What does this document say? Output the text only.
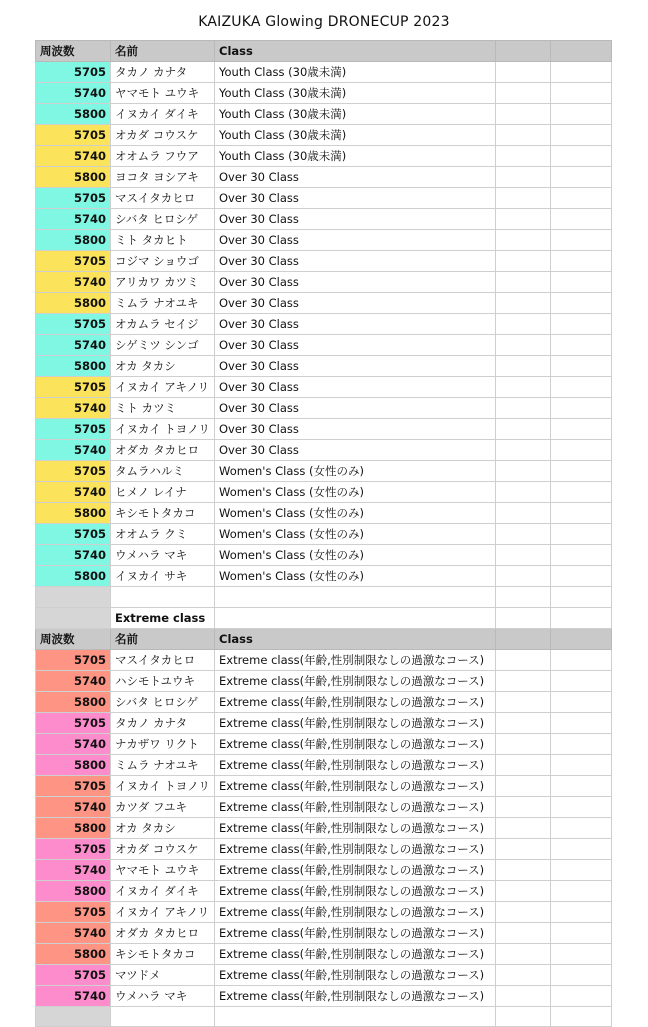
KAIZUKA Glowing DRONECUP 2023
周波数	名前	Class		
5705	タカノ カナタ	Youth Class (30歳未満)		
5740	ヤマモト ユウキ	Youth Class (30歳未満)		
5800	イヌカイ ダイキ	Youth Class (30歳未満)		
5705	オカダ コウスケ	Youth Class (30歳未満)		
5740	オオムラ フウア	Youth Class (30歳未満)		
5800	ヨコタ ヨシアキ	Over 30 Class		
5705	マスイタカヒロ	Over 30 Class		
5740	シバタ ヒロシゲ	Over 30 Class		
5800	ミト タカヒト	Over 30 Class		
5705	コジマ ショウゴ	Over 30 Class		
5740	アリカワ カツミ	Over 30 Class		
5800	ミムラ ナオユキ	Over 30 Class		
5705	オカムラ セイジ	Over 30 Class		
5740	シゲミツ シンゴ	Over 30 Class		
5800	オカ タカシ	Over 30 Class		
5705	イヌカイ アキノリ	Over 30 Class		
5740	ミト カツミ	Over 30 Class		
5705	イヌカイ トヨノリ	Over 30 Class		
5740	オダカ タカヒロ	Over 30 Class		
5705	タムラハルミ	Women's Class (女性のみ)		
5740	ヒメノ レイナ	Women's Class (女性のみ)		
5800	キシモトタカコ	Women's Class (女性のみ)		
5705	オオムラ クミ	Women's Class (女性のみ)		
5740	ウメハラ マキ	Women's Class (女性のみ)		
5800	イヌカイ サキ	Women's Class (女性のみ)		

	Extreme class			
周波数	名前	Class		
5705	マスイタカヒロ	Extreme class(年齢,性別制限なしの過激なコース)		
5740	ハシモトユウキ	Extreme class(年齢,性別制限なしの過激なコース)		
5800	シバタ ヒロシゲ	Extreme class(年齢,性別制限なしの過激なコース)		
5705	タカノ カナタ	Extreme class(年齢,性別制限なしの過激なコース)		
5740	ナカザワ リクト	Extreme class(年齢,性別制限なしの過激なコース)		
5800	ミムラ ナオユキ	Extreme class(年齢,性別制限なしの過激なコース)		
5705	イヌカイ トヨノリ	Extreme class(年齢,性別制限なしの過激なコース)		
5740	カツダ フユキ	Extreme class(年齢,性別制限なしの過激なコース)		
5800	オカ タカシ	Extreme class(年齢,性別制限なしの過激なコース)		
5705	オカダ コウスケ	Extreme class(年齢,性別制限なしの過激なコース)		
5740	ヤマモト ユウキ	Extreme class(年齢,性別制限なしの過激なコース)		
5800	イヌカイ ダイキ	Extreme class(年齢,性別制限なしの過激なコース)		
5705	イヌカイ アキノリ	Extreme class(年齢,性別制限なしの過激なコース)		
5740	オダカ タカヒロ	Extreme class(年齢,性別制限なしの過激なコース)		
5800	キシモトタカコ	Extreme class(年齢,性別制限なしの過激なコース)		
5705	マツドメ	Extreme class(年齢,性別制限なしの過激なコース)		
5740	ウメハラ マキ	Extreme class(年齢,性別制限なしの過激なコース)		
